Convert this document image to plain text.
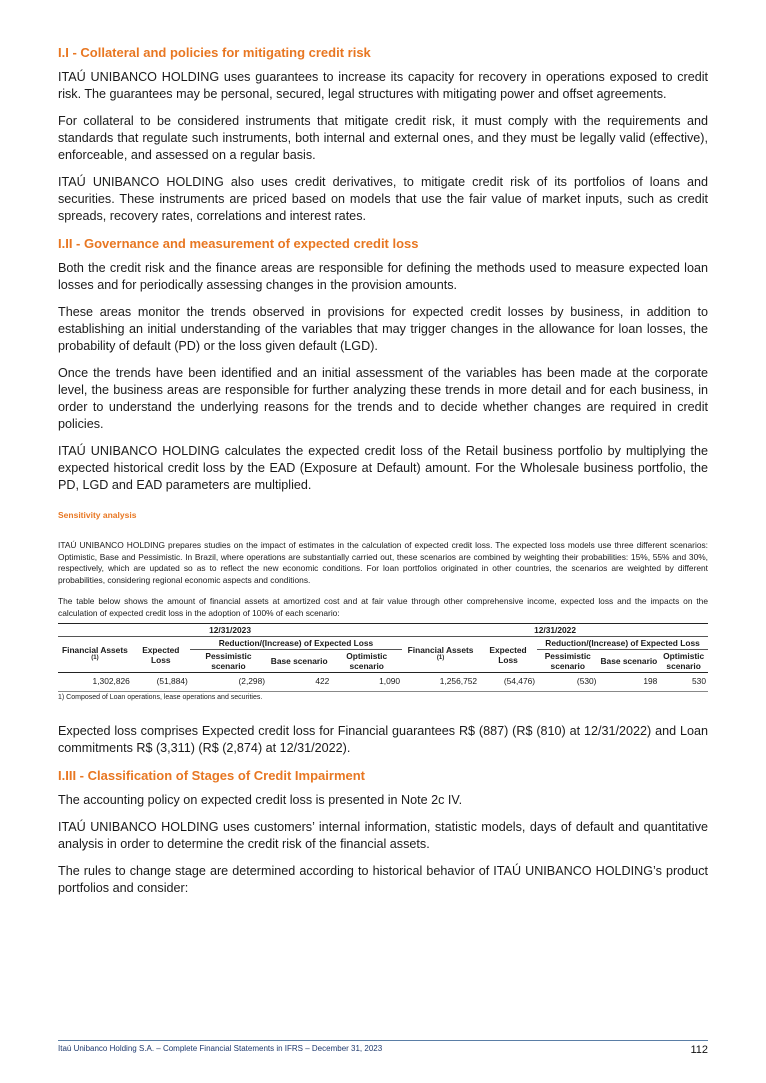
I.I - Collateral and policies for mitigating credit risk

ITAÚ UNIBANCO HOLDING uses guarantees to increase its capacity for recovery in operations exposed to credit risk. The guarantees may be personal, secured, legal structures with mitigating power and offset agreements.

For collateral to be considered instruments that mitigate credit risk, it must comply with the requirements and standards that regulate such instruments, both internal and external ones, and they must be legally valid (effective), enforceable, and assessed on a regular basis.

ITAÚ UNIBANCO HOLDING also uses credit derivatives, to mitigate credit risk of its portfolios of loans and securities. These instruments are priced based on models that use the fair value of market inputs, such as credit spreads, recovery rates, correlations and interest rates.

I.II - Governance and measurement of expected credit loss

Both the credit risk and the finance areas are responsible for defining the methods used to measure expected loan losses and for periodically assessing changes in the provision amounts.

These areas monitor the trends observed in provisions for expected credit losses by business, in addition to establishing an initial understanding of the variables that may trigger changes in the allowance for loan losses, the probability of default (PD) or the loss given default (LGD).

Once the trends have been identified and an initial assessment of the variables has been made at the corporate level, the business areas are responsible for further analyzing these trends in more detail and for each business, in order to understand the underlying reasons for the trends and to decide whether changes are required in credit policies.

ITAÚ UNIBANCO HOLDING calculates the expected credit loss of the Retail business portfolio by multiplying the expected historical credit loss by the EAD (Exposure at Default) amount. For the Wholesale business portfolio, the PD, LGD and EAD parameters are multiplied.

Sensitivity analysis

ITAÚ UNIBANCO HOLDING prepares studies on the impact of estimates in the calculation of expected credit loss. The expected loss models use three different scenarios: Optimistic, Base and Pessimistic. In Brazil, where operations are substantially carried out, these scenarios are combined by weighting their probabilities: 15%, 55% and 30%, respectively, which are updated so as to reflect the new economic conditions. For loan portfolios originated in other countries, the scenarios are weighted by different probabilities, considering regional economic aspects and conditions.

The table below shows the amount of financial assets at amortized cost and at fair value through other comprehensive income, expected loss and the impacts on the calculation of expected credit loss in the adoption of 100% of each scenario:

12/31/2023					12/31/2022				
Financial Assets $^{(1)}$	Expected Loss	Reduction/(Increase) of Expected Loss			Financial Assets $^{(1)}$	Expected Loss	Reduction/(Increase) of Expected Loss		
		Pessimistic scenario	Base scenario	Optimistic scenario			Pessimistic scenario	Base scenario	Optimistic scenario
1,302,826	(51,884)	(2,298)	422	1,090	1,256,752	(54,476)	(530)	198	530
1) Composed of Loan operations, lease operations and securities.

Expected loss comprises Expected credit loss for Financial guarantees R$ (887) (R$ (810) at 12/31/2022) and Loan commitments R$ (3,311) (R$ (2,874) at 12/31/2022).

I.III - Classification of Stages of Credit Impairment

The accounting policy on expected credit loss is presented in Note 2c IV.

ITAÚ UNIBANCO HOLDING uses customers’ internal information, statistic models, days of default and quantitative analysis in order to determine the credit risk of the financial assets.

The rules to change stage are determined according to historical behavior of ITAÚ UNIBANCO HOLDING’s product portfolios and consider:

Itaú Unibanco Holding S.A. – Complete Financial Statements in IFRS – December 31, 2023	112
